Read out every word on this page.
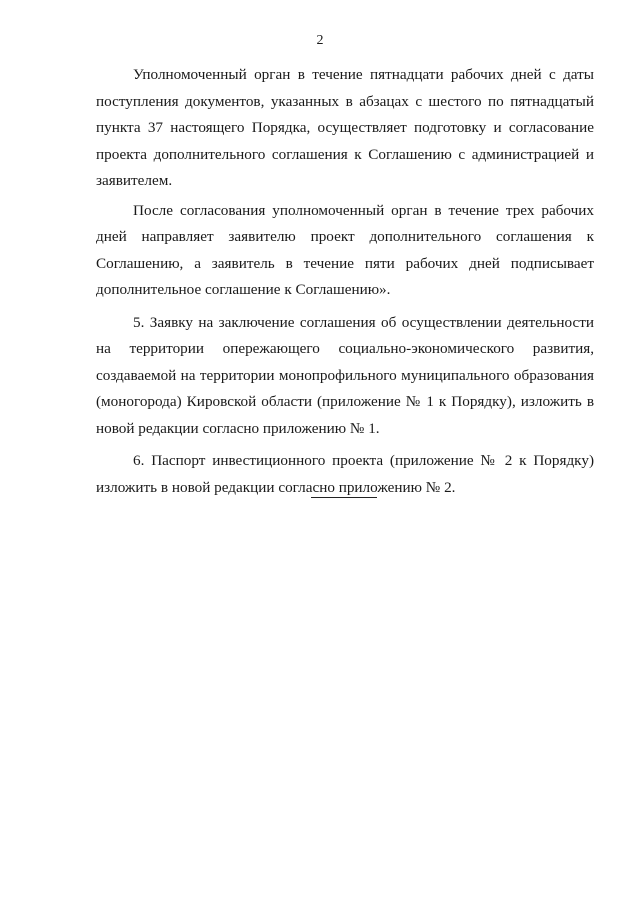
2

Уполномоченный орган в течение пятнадцати рабочих дней с даты поступления документов, указанных в абзацах с шестого по пятнадцатый пункта 37 настоящего Порядка, осуществляет подготовку и согласование проекта дополнительного соглашения к Соглашению с администрацией и заявителем.

После согласования уполномоченный орган в течение трех рабочих дней направляет заявителю проект дополнительного соглашения к Соглашению, а заявитель в течение пяти рабочих дней подписывает дополнительное соглашение к Соглашению».

5. Заявку на заключение соглашения об осуществлении деятельности на территории опережающего социально-экономического развития, создаваемой на территории монопрофильного муниципального образования (моногорода) Кировской области (приложение № 1 к Порядку), изложить в новой редакции согласно приложению № 1.

6. Паспорт инвестиционного проекта (приложение № 2 к Порядку) изложить в новой редакции согласно приложению № 2.
